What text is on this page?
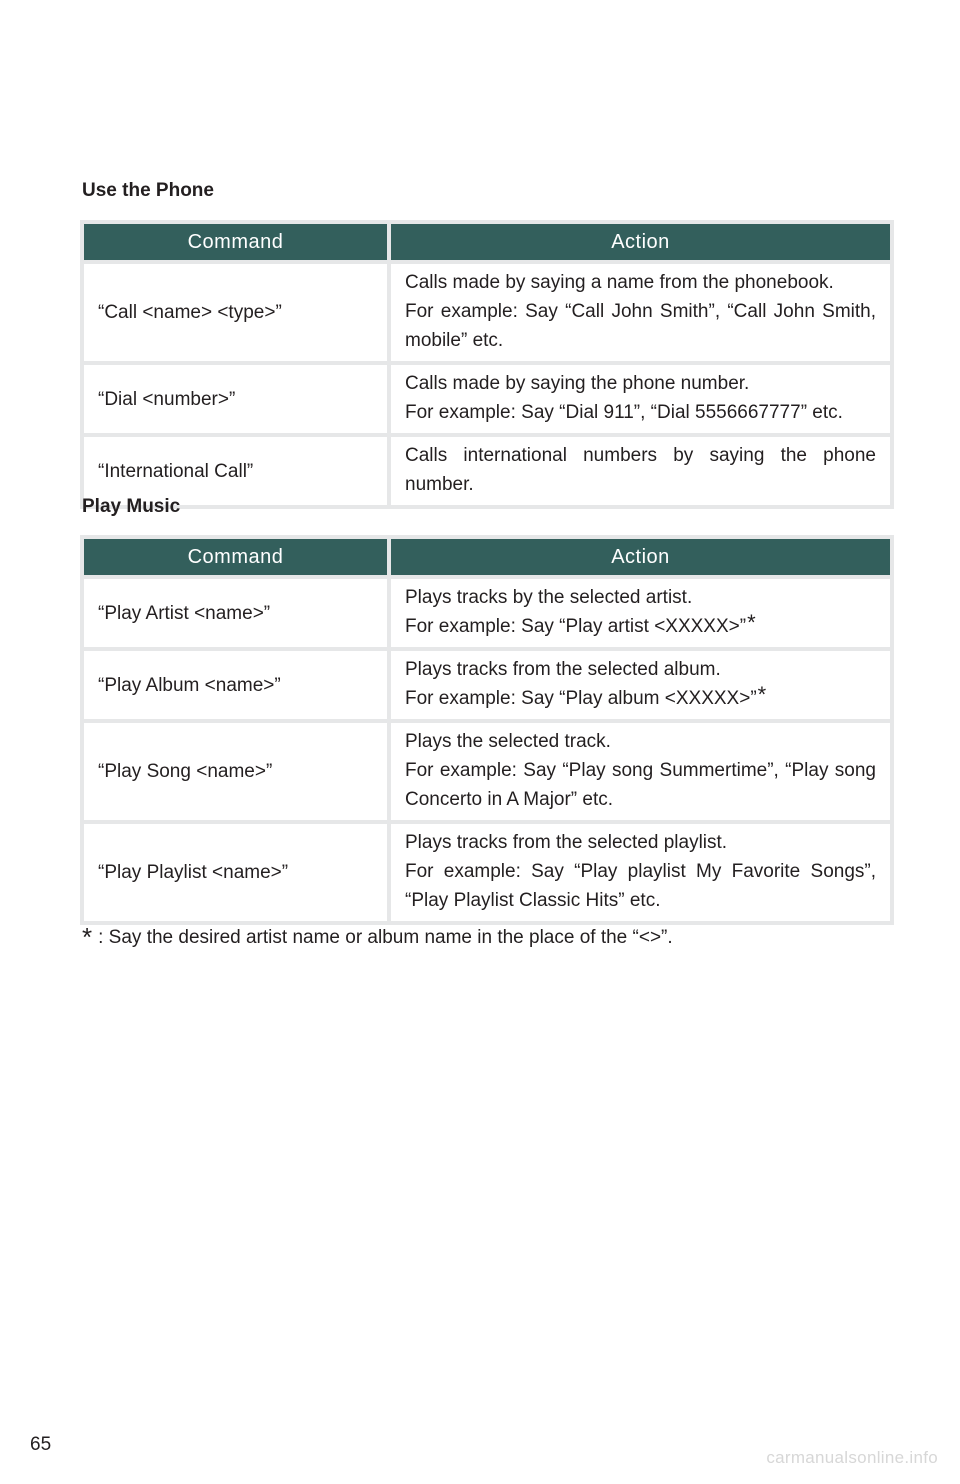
Use the Phone
Command	Action
“Call <name> <type>”	Calls made by saying a name from the phonebook.
For example: Say “Call John Smith”, “Call John Smith, mobile” etc.

“Dial <number>”	Calls made by saying the phone number.
For example: Say “Dial 911”, “Dial 5556667777” etc.

“International Call”	Calls international numbers by saying the phone number.
Play Music
Command	Action
“Play Artist <name>”	Plays tracks by the selected artist.
For example: Say “Play artist <XXXXX>”*

“Play Album <name>”	Plays tracks from the selected album.
For example: Say “Play album <XXXXX>”*

“Play Song <name>”	Plays the selected track.
For example: Say “Play song Summertime”, “Play song Concerto in A Major” etc.

“Play Playlist <name>”	Plays tracks from the selected playlist.
For example: Say “Play playlist My Favorite Songs”, “Play Playlist Classic Hits” etc.

* : Say the desired artist name or album name in the place of the “<>”.

65
carmanualsonline.info
